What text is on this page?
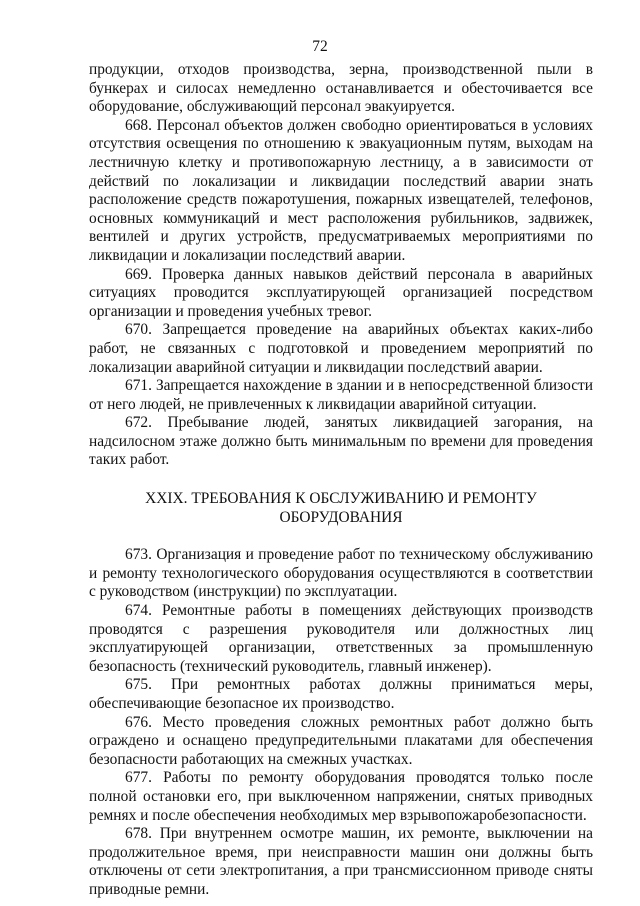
72

продукции, отходов производства, зерна, производственной пыли в бункерах и силосах немедленно останавливается и обесточивается все оборудование, обслуживающий персонал эвакуируется.

668. Персонал объектов должен свободно ориентироваться в условиях отсутствия освещения по отношению к эвакуационным путям, выходам на лестничную клетку и противопожарную лестницу, а в зависимости от действий по локализации и ликвидации последствий аварии знать расположение средств пожаротушения, пожарных извещателей, телефонов, основных коммуникаций и мест расположения рубильников, задвижек, вентилей и других устройств, предусматриваемых мероприятиями по ликвидации и локализации последствий аварии.

669. Проверка данных навыков действий персонала в аварийных ситуациях проводится эксплуатирующей организацией посредством организации и проведения учебных тревог.

670. Запрещается проведение на аварийных объектах каких-либо работ, не связанных с подготовкой и проведением мероприятий по локализации аварийной ситуации и ликвидации последствий аварии.

671. Запрещается нахождение в здании и в непосредственной близости от него людей, не привлеченных к ликвидации аварийной ситуации.

672. Пребывание людей, занятых ликвидацией загорания, на надсилосном этаже должно быть минимальным по времени для проведения таких работ.

XXIX. ТРЕБОВАНИЯ К ОБСЛУЖИВАНИЮ И РЕМОНТУ
ОБОРУДОВАНИЯ

673. Организация и проведение работ по техническому обслуживанию и ремонту технологического оборудования осуществляются в соответствии с руководством (инструкции) по эксплуатации.

674. Ремонтные работы в помещениях действующих производств проводятся с разрешения руководителя или должностных лиц эксплуатирующей организации, ответственных за промышленную безопасность (технический руководитель, главный инженер).

675. При ремонтных работах должны приниматься меры, обеспечивающие безопасное их производство.

676. Место проведения сложных ремонтных работ должно быть ограждено и оснащено предупредительными плакатами для обеспечения безопасности работающих на смежных участках.

677. Работы по ремонту оборудования проводятся только после полной остановки его, при выключенном напряжении, снятых приводных ремнях и после обеспечения необходимых мер взрывопожаробезопасности.

678. При внутреннем осмотре машин, их ремонте, выключении на продолжительное время, при неисправности машин они должны быть отключены от сети электропитания, а при трансмиссионном приводе сняты приводные ремни.
